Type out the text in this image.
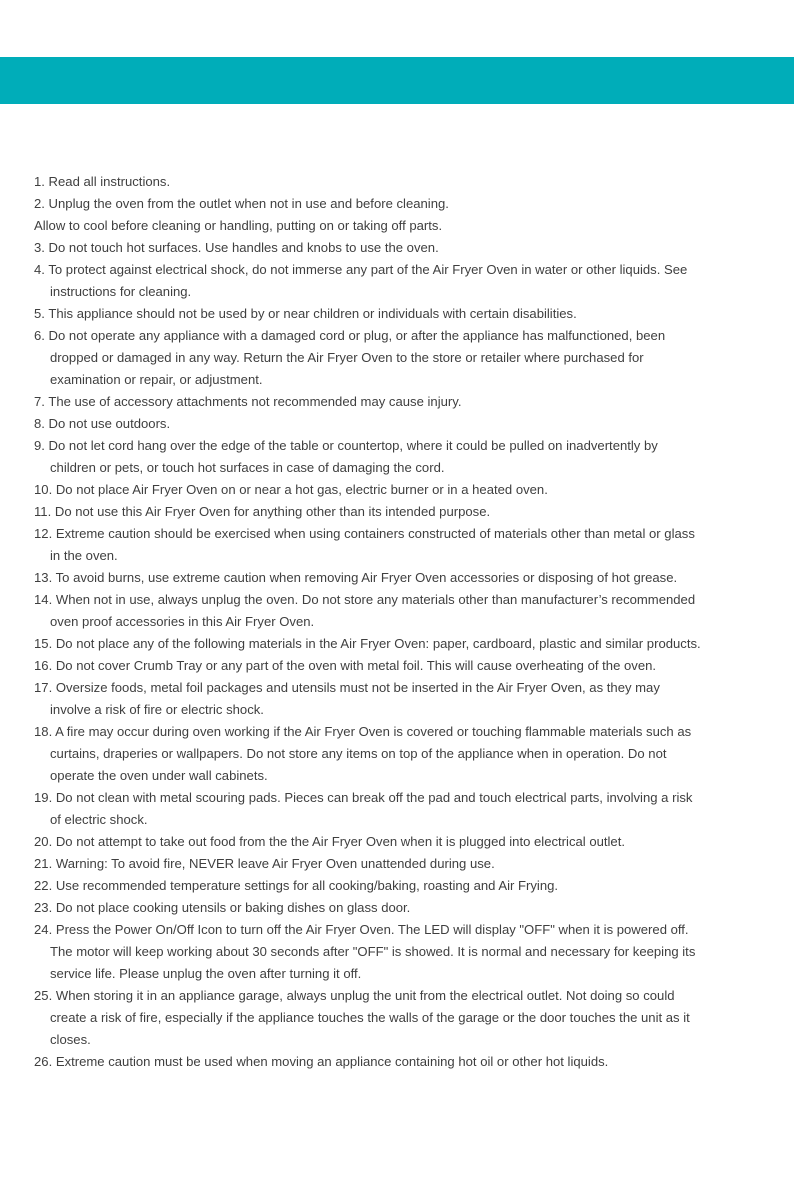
1. Read all instructions.
2. Unplug the oven from the outlet when not in use and before cleaning.
Allow to cool before cleaning or handling, putting on or taking off parts.
3. Do not touch hot surfaces. Use handles and knobs to use the oven.
4. To protect against electrical shock, do not immerse any part of the Air Fryer Oven in water or other liquids. See
instructions for cleaning.
5. This appliance should not be used by or near children or individuals with certain disabilities.
6. Do not operate any appliance with a damaged cord or plug, or after the appliance has malfunctioned, been
dropped or damaged in any way. Return the Air Fryer Oven to the store or retailer where purchased for
examination or repair, or adjustment.
7. The use of accessory attachments not recommended may cause injury.
8. Do not use outdoors.
9. Do not let cord hang over the edge of the table or countertop, where it could be pulled on inadvertently by
children or pets, or touch hot surfaces in case of damaging the cord.
10. Do not place Air Fryer Oven on or near a hot gas, electric burner or in a heated oven.
11. Do not use this Air Fryer Oven for anything other than its intended purpose.
12. Extreme caution should be exercised when using containers constructed of materials other than metal or glass
in the oven.
13. To avoid burns, use extreme caution when removing Air Fryer Oven accessories or disposing of hot grease.
14. When not in use, always unplug the oven. Do not store any materials other than manufacturer’s recommended
oven proof accessories in this Air Fryer Oven.
15. Do not place any of the following materials in the Air Fryer Oven: paper, cardboard, plastic and similar products.
16. Do not cover Crumb Tray or any part of the oven with metal foil. This will cause overheating of the oven.
17. Oversize foods, metal foil packages and utensils must not be inserted in the Air Fryer Oven, as they may
involve a risk of fire or electric shock.
18. A fire may occur during oven working if the Air Fryer Oven is covered or touching flammable materials such as
curtains, draperies or wallpapers. Do not store any items on top of the appliance when in operation. Do not
operate the oven under wall cabinets.
19. Do not clean with metal scouring pads. Pieces can break off the pad and touch electrical parts, involving a risk
of electric shock.
20. Do not attempt to take out food from the the Air Fryer Oven when it is plugged into electrical outlet.
21. Warning: To avoid fire, NEVER leave Air Fryer Oven unattended during use.
22. Use recommended temperature settings for all cooking/baking, roasting and Air Frying.
23. Do not place cooking utensils or baking dishes on glass door.
24. Press the Power On/Off Icon to turn off the Air Fryer Oven. The LED will display "OFF" when it is powered off.
The motor will keep working about 30 seconds after "OFF" is showed. It is normal and necessary for keeping its
service life. Please unplug the oven after turning it off.
25. When storing it in an appliance garage, always unplug the unit from the electrical outlet. Not doing so could
create a risk of fire, especially if the appliance touches the walls of the garage or the door touches the unit as it
closes.
26. Extreme caution must be used when moving an appliance containing hot oil or other hot liquids.
